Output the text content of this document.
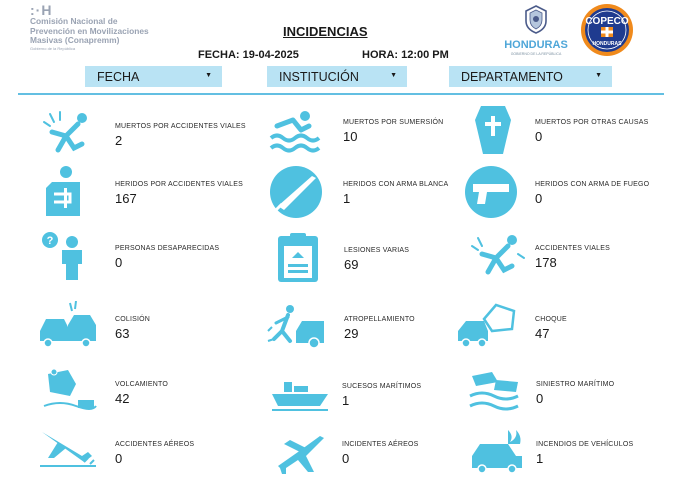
:·H
Comisión Nacional de
Prevención en Movilizaciones
Masivas (Conapremm)
Gobierno de la República
INCIDENCIAS
FECHA: 19-04-2025	HORA: 12:00 PM
HONDURAS
GOBIERNO DE LA REPÚBLICA
COPECO
HONDURAS
FECHA	▼	INSTITUCIÓN	▼	DEPARTAMENTO	▼
MUERTOS POR ACCIDENTES VIALES
2
MUERTOS POR SUMERSIÓN
10
MUERTOS POR OTRAS CAUSAS
0
HERIDOS POR ACCIDENTES VIALES
167
HERIDOS CON ARMA BLANCA
1
HERIDOS CON ARMA DE FUEGO
0
?
PERSONAS DESAPARECIDAS
0
LESIONES VARIAS
69
ACCIDENTES VIALES
178
COLISIÓN
63
ATROPELLAMIENTO
29
CHOQUE
47
VOLCAMIENTO
42
SUCESOS MARÍTIMOS
1
SINIESTRO MARÍTIMO
0
ACCIDENTES AÉREOS
0
INCIDENTES AÉREOS
0
INCENDIOS DE VEHÍCULOS
1
